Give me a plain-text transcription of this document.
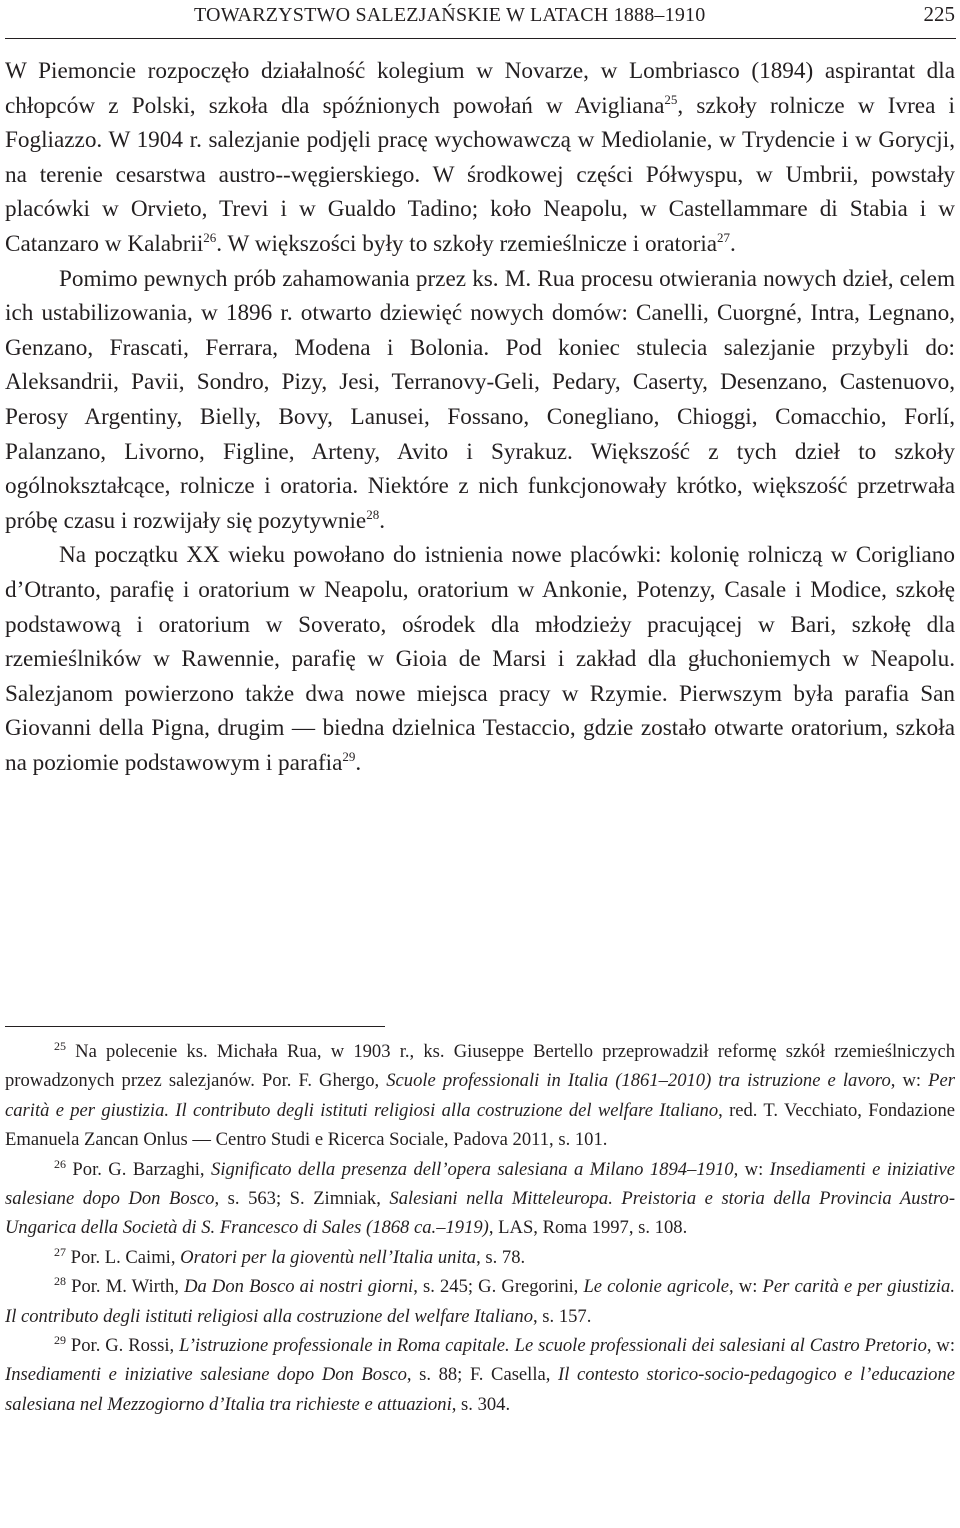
TOWARZYSTWO SALEZJAŃSKIE W LATACH 1888–1910	225

W Piemoncie rozpoczęło działalność kolegium w Novarze, w Lombriasco (1894) aspirantat dla chłopców z Polski, szkoła dla spóźnionych powołań w Avigliana$^{25}$, szkoły rolnicze w Ivrea i Fogliazzo. W 1904 r. salezjanie podjęli pracę wychowawczą w Mediolanie, w Trydencie i w Gorycji, na terenie cesarstwa austro-​-węgierskiego. W środkowej części Półwyspu, w Umbrii, powstały placówki w Orvieto, Trevi i w Gualdo Tadino; koło Neapolu, w Castellammare di Stabia i w Catanzaro w Kalabrii$^{26}$. W większości były to szkoły rzemieślnicze i oratoria$^{27}$.

Pomimo pewnych prób zahamowania przez ks. M. Rua procesu otwierania nowych dzieł, celem ich ustabilizowania, w 1896 r. otwarto dziewięć nowych domów: Canelli, Cuorgné, Intra, Legnano, Genzano, Frascati, Ferrara, Modena i Bolonia. Pod koniec stulecia salezjanie przybyli do: Aleksandrii, Pavii, Sondro, Pizy, Jesi, Terranovy-Geli, Pedary, Caserty, Desenzano, Castenuovo, Perosy Argentiny, Bielly, Bovy, Lanusei, Fossano, Conegliano, Chioggi, Comacchio, Forlí, Palanzano, Livorno, Figline, Arteny, Avito i Syrakuz. Większość z tych dzieł to szkoły ogólnokształcące, rolnicze i oratoria. Niektóre z nich funkcjonowały krótko, większość przetrwała próbę czasu i rozwijały się pozytywnie$^{28}$.

Na początku XX wieku powołano do istnienia nowe placówki: kolonię rolniczą w Corigliano d’Otranto, parafię i oratorium w Neapolu, oratorium w Ankonie, Potenzy, Casale i Modice, szkołę podstawową i oratorium w Soverato, ośrodek dla młodzieży pracującej w Bari, szkołę dla rzemieślników w Rawennie, parafię w Gioia de Marsi i zakład dla głuchoniemych w Neapolu. Salezjanom powierzono także dwa nowe miejsca pracy w Rzymie. Pierwszym była parafia San Giovanni della Pigna, drugim — biedna dzielnica Testaccio, gdzie zostało otwarte oratorium, szkoła na poziomie podstawowym i parafia$^{29}$.

$^{25}$ Na polecenie ks. Michała Rua, w 1903 r., ks. Giuseppe Bertello przeprowadził reformę szkół rzemieślniczych prowadzonych przez salezjanów. Por. F. Ghergo, Scuole professionali in Italia (1861–2010) tra istruzione e lavoro, w: Per carità e per giustizia. Il contributo degli istituti religiosi alla costruzione del welfare Italiano, red. T. Vecchiato, Fondazione Emanuela Zancan Onlus — Centro Studi e Ricerca Sociale, Padova 2011, s. 101.

$^{26}$ Por. G. Barzaghi, Significato della presenza dell’opera salesiana a Milano 1894–1910, w: Insediamenti e iniziative salesiane dopo Don Bosco, s. 563; S. Zimniak, Salesiani nella Mitteleuropa. Preistoria e storia della Provincia Austro-Ungarica della Società di S. Francesco di Sales (1868 ca.–1919), LAS, Roma 1997, s. 108.

$^{27}$ Por. L. Caimi, Oratori per la gioventù nell’Italia unita, s. 78.

$^{28}$ Por. M. Wirth, Da Don Bosco ai nostri giorni, s. 245; G. Gregorini, Le colonie agricole, w: Per carità e per giustizia. Il contributo degli istituti religiosi alla costruzione del welfare Italiano, s. 157.

$^{29}$ Por. G. Rossi, L’istruzione professionale in Roma capitale. Le scuole professionali dei salesiani al Castro Pretorio, w: Insediamenti e iniziative salesiane dopo Don Bosco, s. 88; F. Casella, Il contesto storico-socio-pedagogico e l’educazione salesiana nel Mezzogiorno d’Italia tra richieste e attuazioni, s. 304.
